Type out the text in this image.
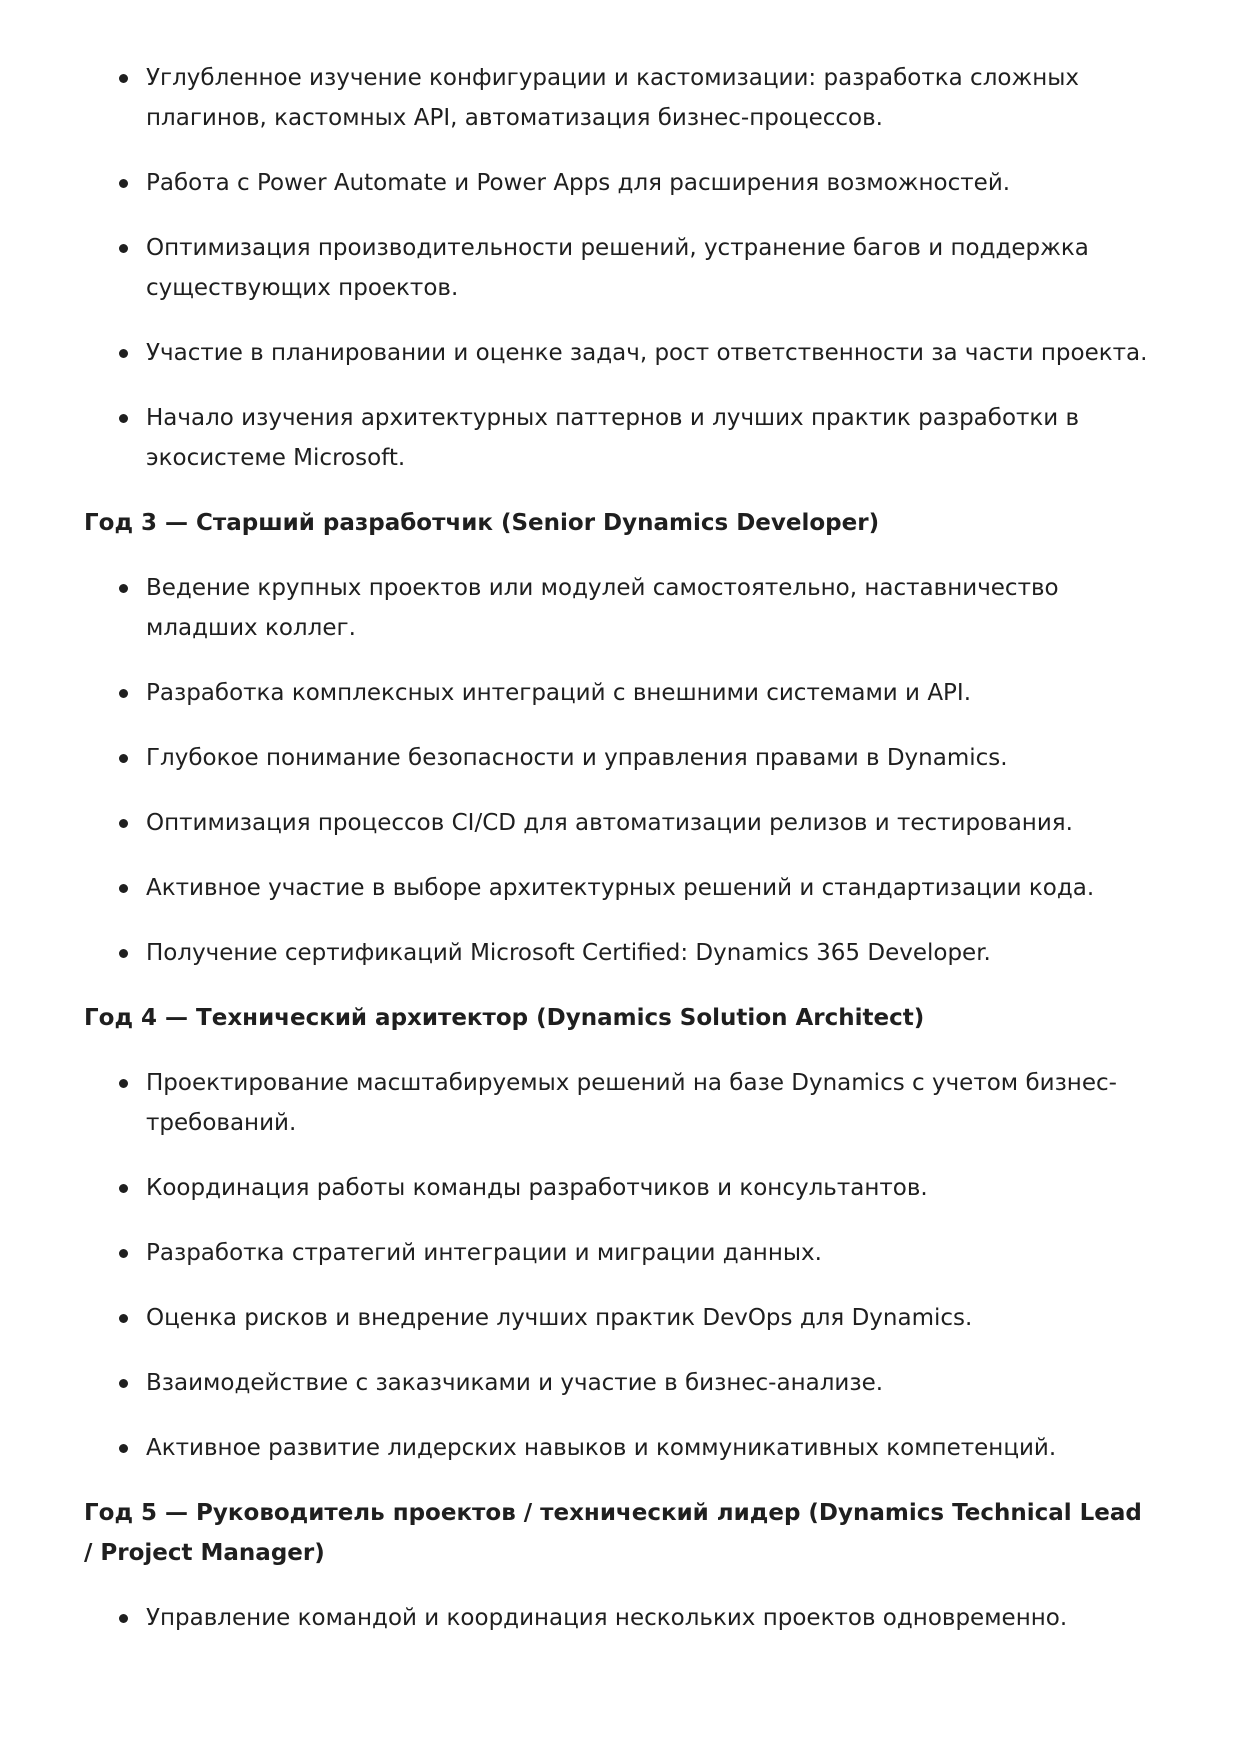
Углубленное изучение конфигурации и кастомизации: разработка сложных плагинов, кастомных API, автоматизация бизнес-процессов.
Работа с Power Automate и Power Apps для расширения возможностей.
Оптимизация производительности решений, устранение багов и поддержка существующих проектов.
Участие в планировании и оценке задач, рост ответственности за части проекта.
Начало изучения архитектурных паттернов и лучших практик разработки в экосистеме Microsoft.

Год 3 — Старший разработчик (Senior Dynamics Developer)

Ведение крупных проектов или модулей самостоятельно, наставничество младших коллег.
Разработка комплексных интеграций с внешними системами и API.
Глубокое понимание безопасности и управления правами в Dynamics.
Оптимизация процессов CI/CD для автоматизации релизов и тестирования.
Активное участие в выборе архитектурных решений и стандартизации кода.
Получение сертификаций Microsoft Certified: Dynamics 365 Developer.

Год 4 — Технический архитектор (Dynamics Solution Architect)

Проектирование масштабируемых решений на базе Dynamics с учетом бизнес-требований.
Координация работы команды разработчиков и консультантов.
Разработка стратегий интеграции и миграции данных.
Оценка рисков и внедрение лучших практик DevOps для Dynamics.
Взаимодействие с заказчиками и участие в бизнес-анализе.
Активное развитие лидерских навыков и коммуникативных компетенций.

Год 5 — Руководитель проектов / технический лидер (Dynamics Technical Lead / Project Manager)

Управление командой и координация нескольких проектов одновременно.
